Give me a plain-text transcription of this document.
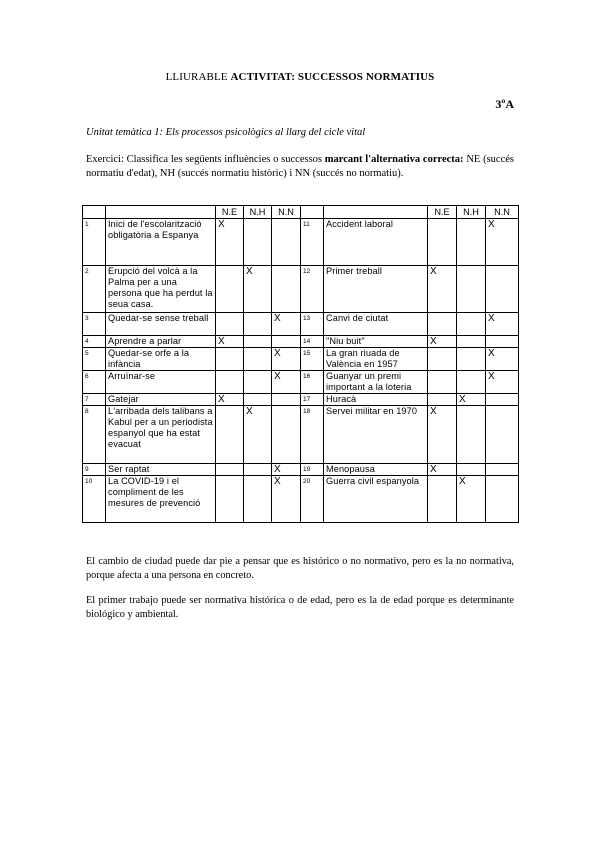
LLIURABLE ACTIVITAT: SUCCESSOS NORMATIUS
3ºA
Unitat temàtica 1: Els processos psicològics al llarg del cicle vital
Exercici: Classifica les següents influències o successos marcant l'alternativa correcta: NE (succés normatiu d'edat), NH (succés normatiu històric) i NN (succés no normatiu).
		N.E	N.H	N.N			N.E	N.H	N.N
1	Inici de l'escolarització obligatòria a Espanya	X			11	Accident laboral			X
2	Erupció del volcà a la Palma per a una persona que ha perdut la seua casa.		X		12	Primer treball	X		
3	Quedar-se sense treball			X	13	Canvi de ciutat			X
4	Aprendre a parlar	X			14	"Niu buit"	X		
5	Quedar-se orfe a la infància			X	15	La gran riuada de València en 1957			X
6	Arruïnar-se			X	16	Guanyar un premi important a la loteria			X
7	Gatejar	X			17	Huracà		X	
8	L'arribada dels talibans a Kabul per a un periodista espanyol que ha estat evacuat		X		18	Servei militar en 1970	X		
9	Ser raptat			X	19	Menopausa	X		
10	La COVID-19 i el compliment de les mesures de prevenció			X	20	Guerra civil espanyola		X	

El cambio de ciudad puede dar pie a pensar que es histórico o no normativo, pero es la no normativa, porque afecta a una persona en concreto.

El primer trabajo puede ser normativa histórica o de edad, pero es la de edad porque es determinante biológico y ambiental.
